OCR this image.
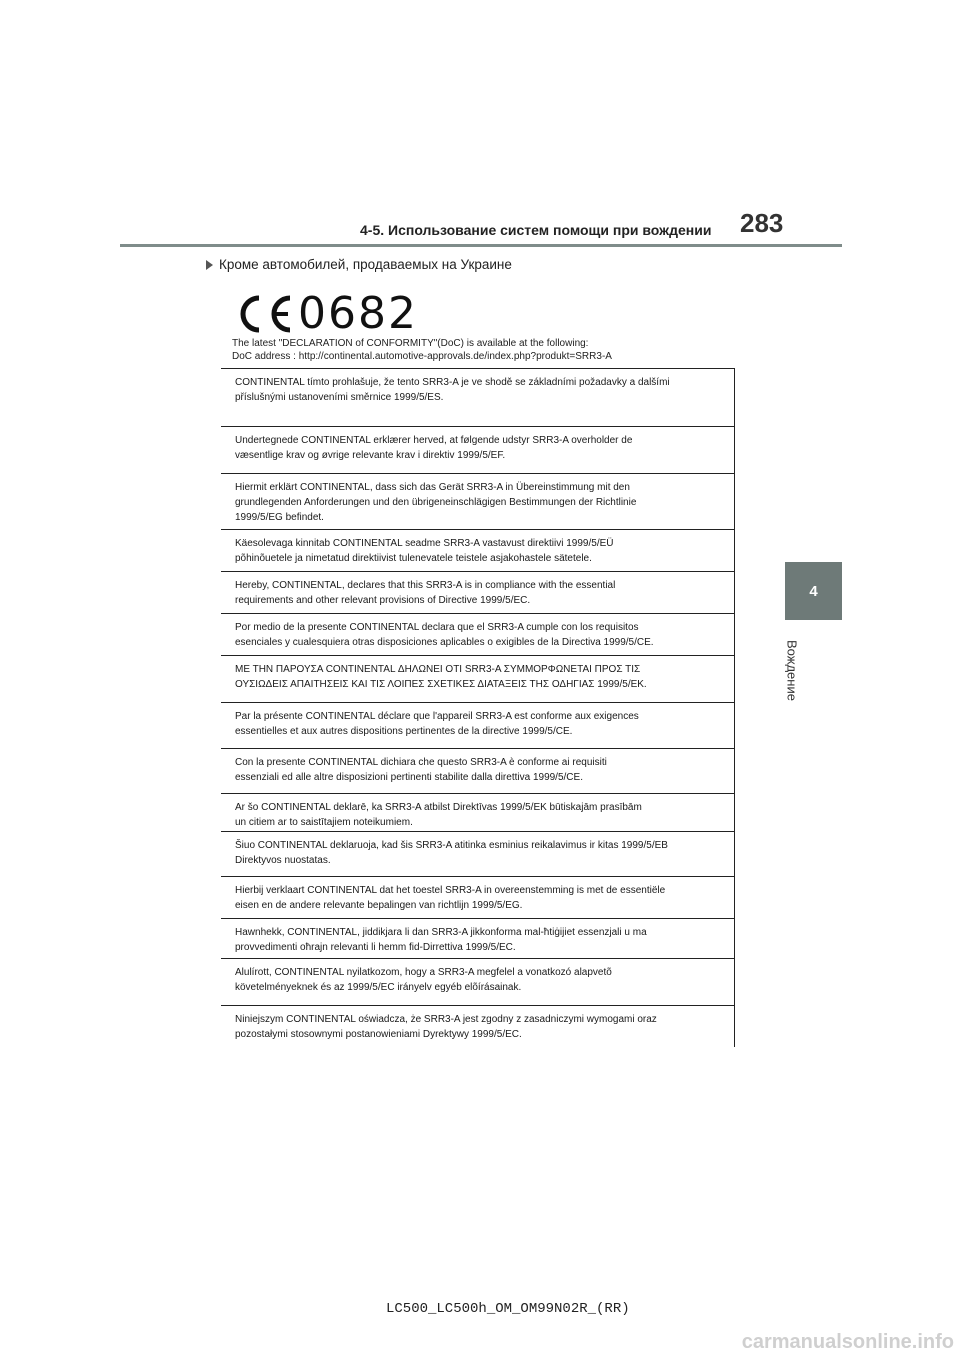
283
4-5. Использование систем помощи при вождении
4
Вождение
Кроме автомобилей, продаваемых на Украине
0682
The latest "DECLARATION of CONFORMITY"(DoC) is available at the following:
DoC address : http://continental.automotive-approvals.de/index.php?produkt=SRR3-A
CONTINENTAL tímto prohlašuje, že tento SRR3-A je ve shodě se základními požadavky a dalšími
příslušnými ustanoveními směrnice 1999/5/ES.
Undertegnede CONTINENTAL erklærer herved, at følgende udstyr SRR3-A overholder de
væsentlige krav og øvrige relevante krav i direktiv 1999/5/EF.
Hiermit erklärt CONTINENTAL, dass sich das Gerät SRR3-A in Übereinstimmung mit den
grundlegenden Anforderungen und den übrigeneinschlägigen Bestimmungen der Richtlinie
1999/5/EG befindet.
Käesolevaga kinnitab CONTINENTAL seadme SRR3-A vastavust direktiivi 1999/5/EÜ
põhinõuetele ja nimetatud direktiivist tulenevatele teistele asjakohastele sätetele.
Hereby, CONTINENTAL, declares that this SRR3-A is in compliance with the essential
requirements and other relevant provisions of Directive 1999/5/EC.
Por medio de la presente CONTINENTAL declara que el SRR3-A cumple con los requisitos
esenciales y cualesquiera otras disposiciones aplicables o exigibles de la Directiva 1999/5/CE.
ΜΕ ΤΗΝ ΠΑΡΟΥΣΑ CONTINENTAL ΔΗΛΩΝΕΙ ΟΤΙ SRR3-A ΣΥΜΜΟΡΦΩΝΕΤΑΙ ΠΡΟΣ ΤΙΣ
ΟΥΣΙΩΔΕΙΣ ΑΠΑΙΤΗΣΕΙΣ ΚΑΙ ΤΙΣ ΛΟΙΠΕΣ ΣΧΕΤΙΚΕΣ ΔΙΑΤΑΞΕΙΣ ΤΗΣ ΟΔΗΓΙΑΣ 1999/5/ΕΚ.
Par la présente CONTINENTAL déclare que l'appareil SRR3-A est conforme aux exigences
essentielles et aux autres dispositions pertinentes de la directive 1999/5/CE.
Con la presente CONTINENTAL dichiara che questo SRR3-A è conforme ai requisiti
essenziali ed alle altre disposizioni pertinenti stabilite dalla direttiva 1999/5/CE.
Ar šo CONTINENTAL deklarē, ka SRR3-A atbilst Direktīvas 1999/5/EK būtiskajām prasībām
un citiem ar to saistītajiem noteikumiem.
Šiuo CONTINENTAL deklaruoja, kad šis SRR3-A atitinka esminius reikalavimus ir kitas 1999/5/EB
Direktyvos nuostatas.
Hierbij verklaart CONTINENTAL dat het toestel SRR3-A in overeenstemming is met de essentiële
eisen en de andere relevante bepalingen van richtlijn 1999/5/EG.
Hawnhekk, CONTINENTAL, jiddikjara li dan SRR3-A jikkonforma mal-ħtiġijiet essenzjali u ma
provvedimenti oħrajn relevanti li hemm fid-Dirrettiva 1999/5/EC.
Alulírott, CONTINENTAL nyilatkozom, hogy a SRR3-A megfelel a vonatkozó alapvetõ
követelményeknek és az 1999/5/EC irányelv egyéb elõírásainak.
Niniejszym CONTINENTAL oświadcza, że SRR3-A jest zgodny z zasadniczymi wymogami oraz
pozostałymi stosownymi postanowieniami Dyrektywy 1999/5/EC.
LC500_LC500h_OM_OM99N02R_(RR)
carmanualsonline.info
